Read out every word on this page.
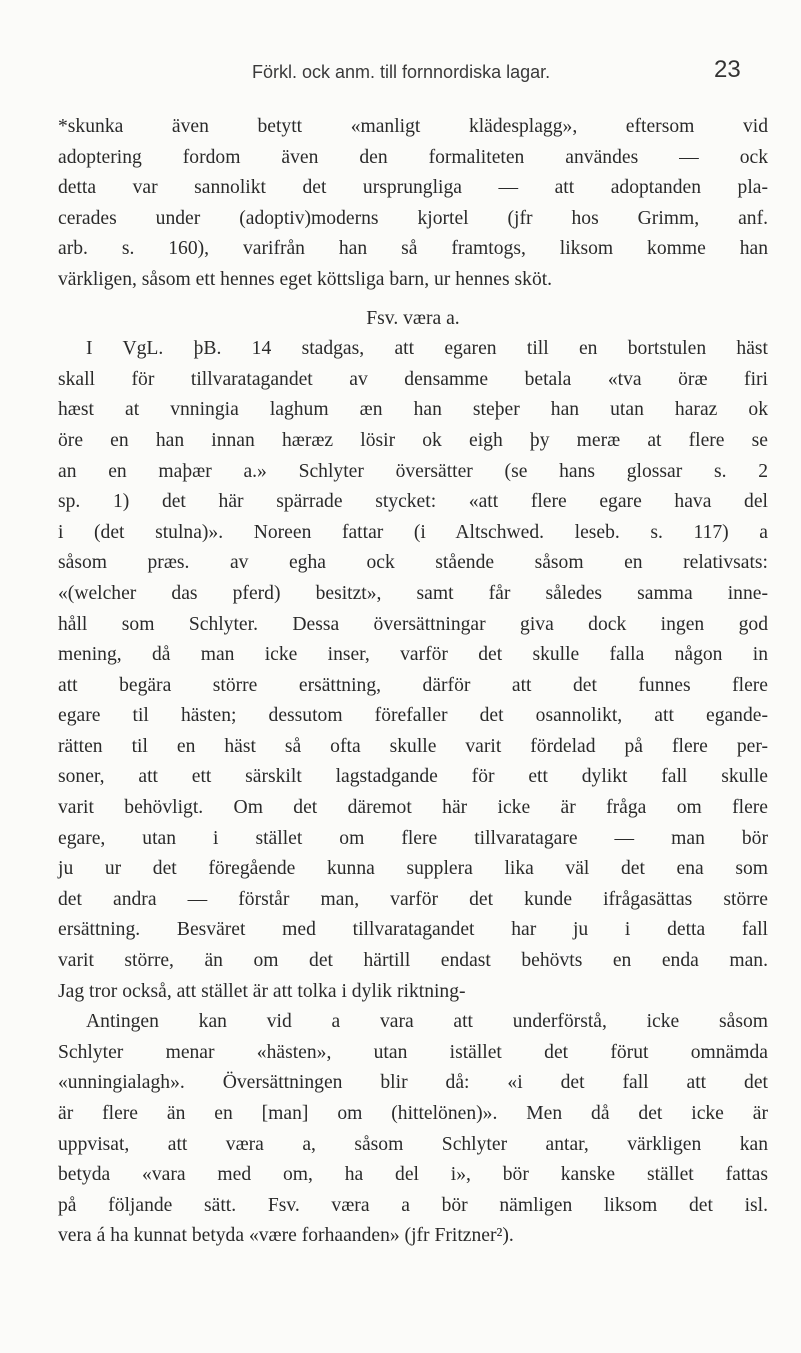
Förkl. ock anm. till fornnordiska lagar.	23
*skunka även betytt «manligt klädesplagg», eftersom vid
adoptering fordom även den formaliteten användes — ock
detta var sannolikt det ursprungliga — att adoptanden pla-
cerades under (adoptiv)moderns kjortel (jfr hos Grimm, anf.
arb. s. 160), varifrån han så framtogs, liksom komme han
värkligen, såsom ett hennes eget köttsliga barn, ur hennes sköt.
Fsv. væra a.
I VgL. þB. 14 stadgas, att egaren till en bortstulen häst
skall för tillvaratagandet av densamme betala «tva öræ firi
hæst at vnningia laghum æn han steþer han utan haraz ok
öre en han innan hæræz lösir ok eigh þy meræ at flere se
an en maþær a.» Schlyter översätter (se hans glossar s. 2
sp. 1) det här spärrade stycket: «att flere egare hava del
i (det stulna)». Noreen fattar (i Altschwed. leseb. s. 117) a
såsom præs. av egha ock stående såsom en relativsats:
«(welcher das pferd) besitzt», samt får således samma inne-
håll som Schlyter. Dessa översättningar giva dock ingen god
mening, då man icke inser, varför det skulle falla någon in
att begära större ersättning, därför att det funnes flere
egare til hästen; dessutom förefaller det osannolikt, att egande-
rätten til en häst så ofta skulle varit fördelad på flere per-
soner, att ett särskilt lagstadgande för ett dylikt fall skulle
varit behövligt. Om det däremot här icke är fråga om flere
egare, utan i stället om flere tillvaratagare — man bör
ju ur det föregående kunna supplera lika väl det ena som
det andra — förstår man, varför det kunde ifrågasättas större
ersättning. Besväret med tillvaratagandet har ju i detta fall
varit större, än om det härtill endast behövts en enda man.
Jag tror också, att stället är att tolka i dylik riktning-
Antingen kan vid a vara att underförstå, icke såsom
Schlyter menar «hästen», utan istället det förut omnämda
«unningialagh». Översättningen blir då: «i det fall att det
är flere än en [man] om (hittelönen)». Men då det icke är
uppvisat, att væra a, såsom Schlyter antar, värkligen kan
betyda «vara med om, ha del i», bör kanske stället fattas
på följande sätt. Fsv. væra a bör nämligen liksom det isl.
vera á ha kunnat betyda «være forhaanden» (jfr Fritzner²).
